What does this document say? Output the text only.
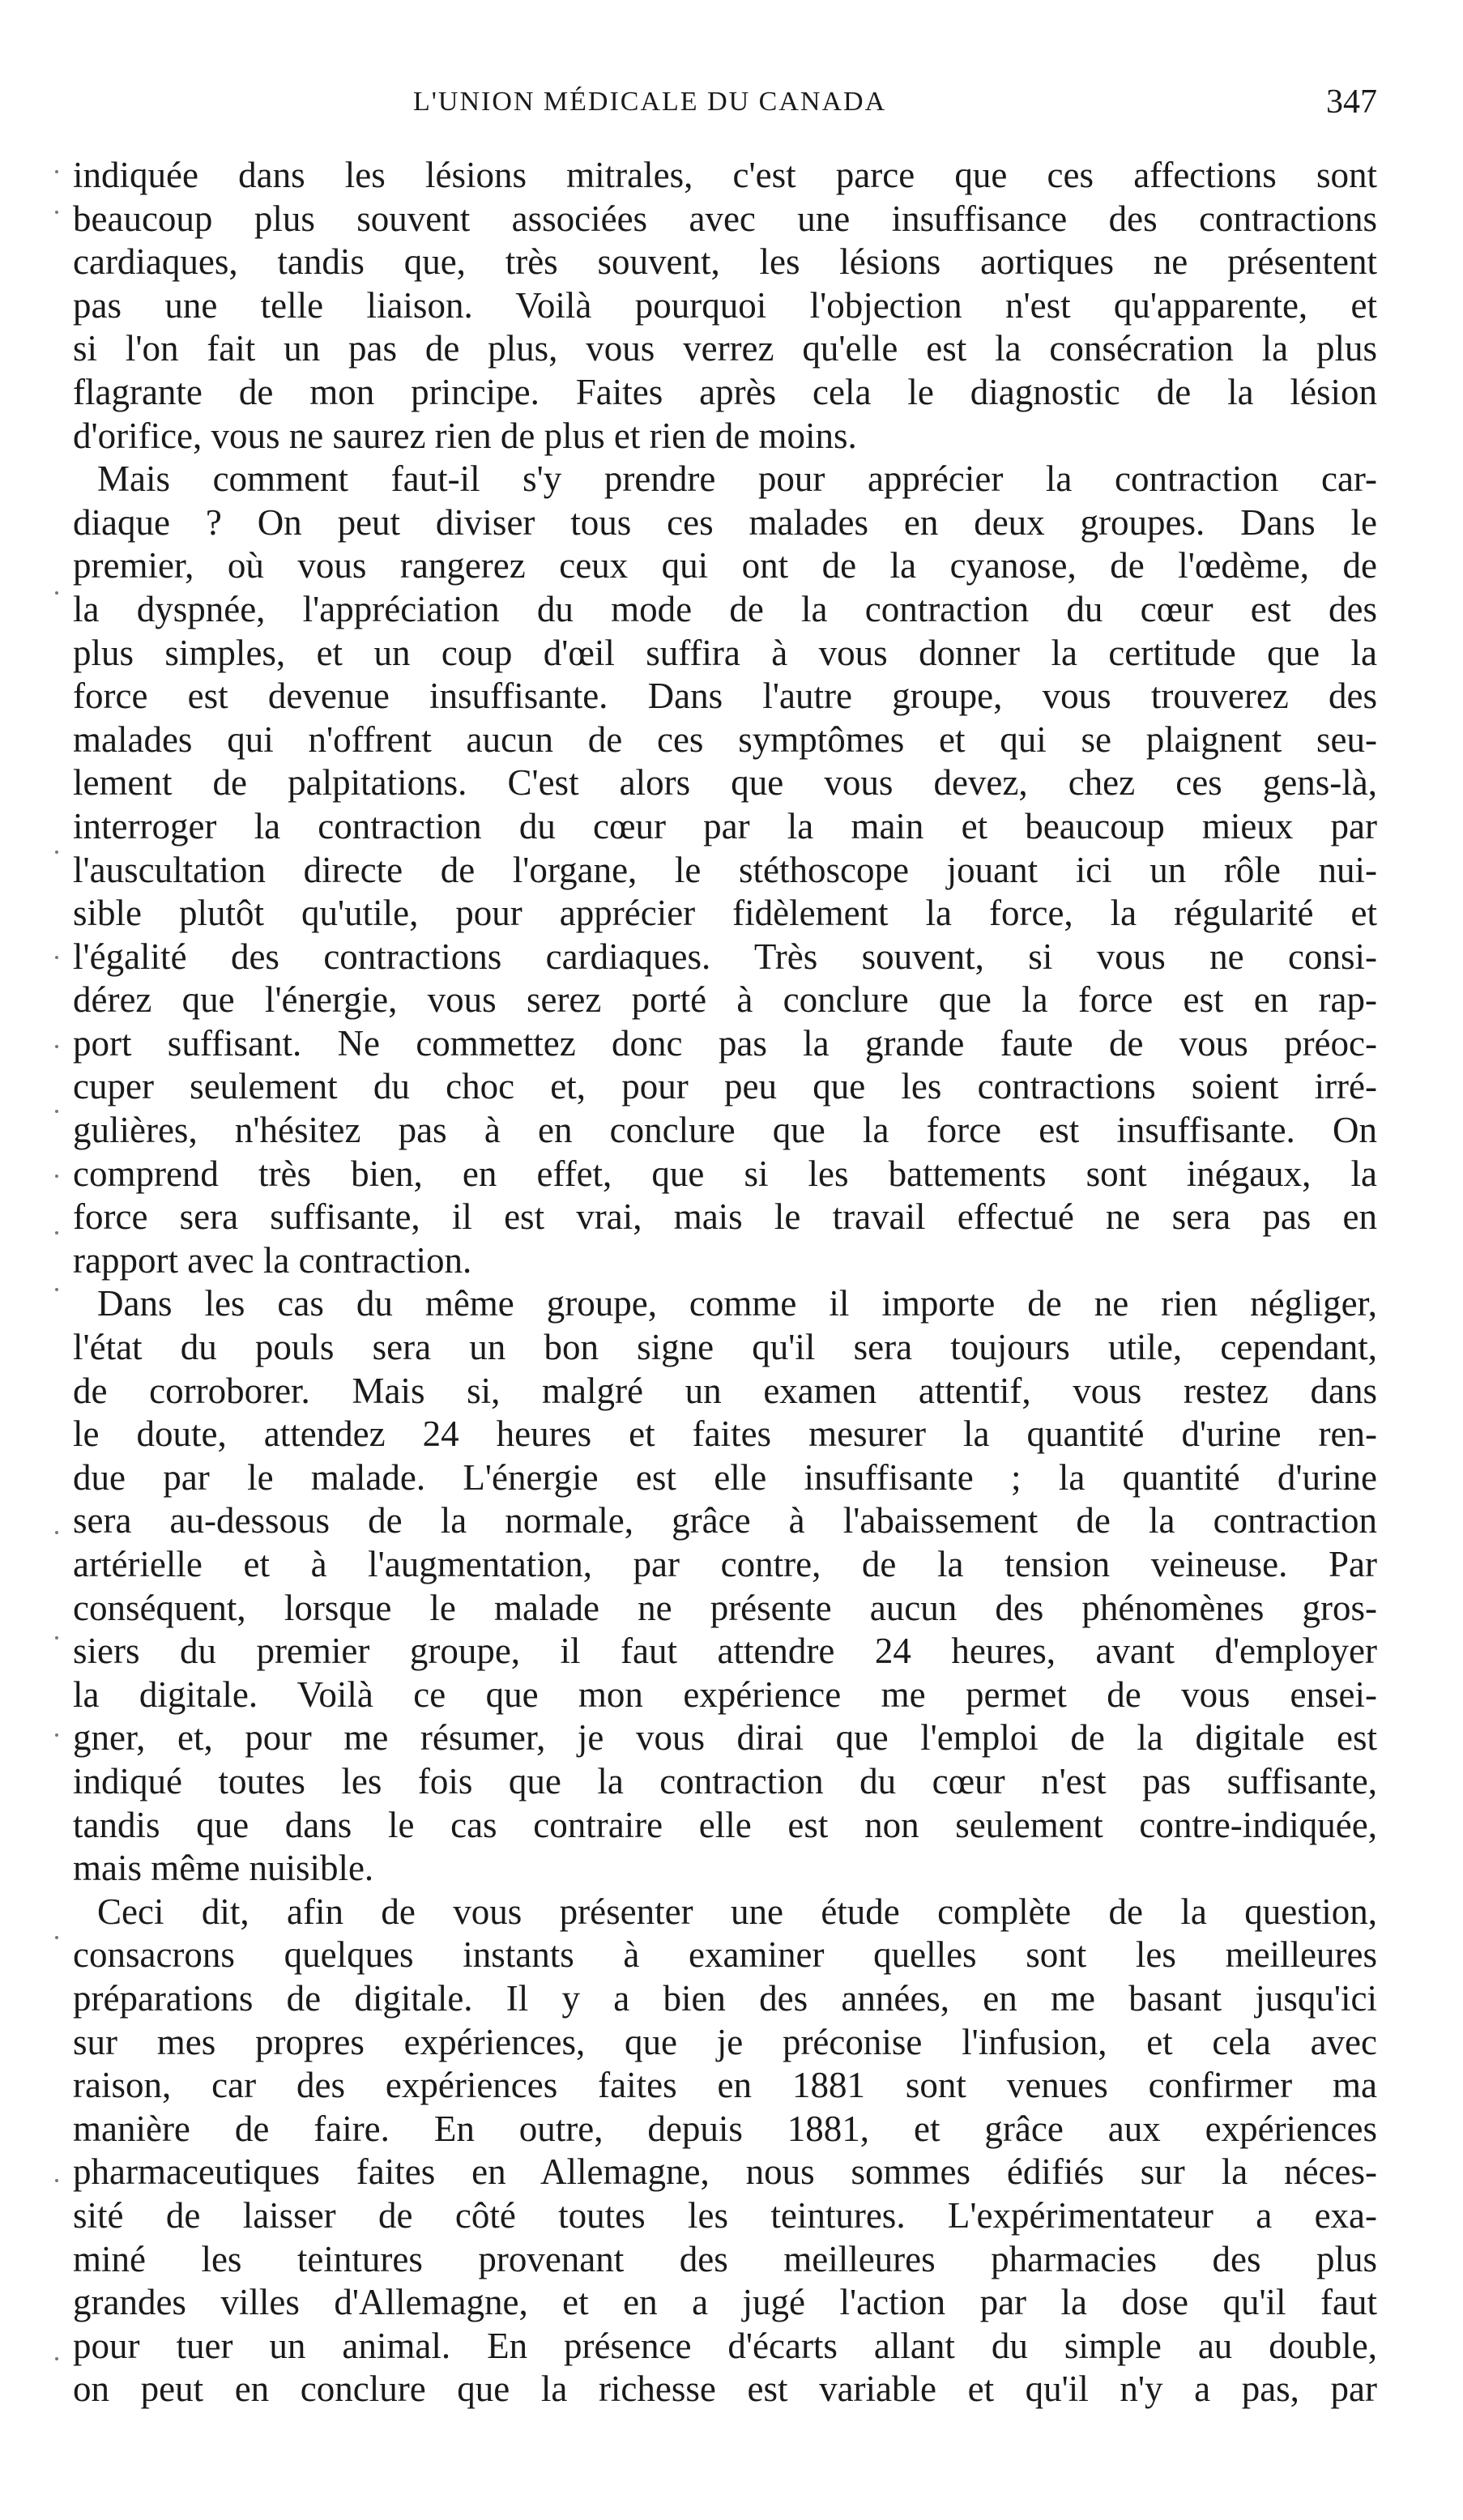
L'UNION MÉDICALE DU CANADA	347
indiquée dans les lésions mitrales, c'est parce que ces affections sont
beaucoup plus souvent associées avec une insuffisance des contractions
cardiaques, tandis que, très souvent, les lésions aortiques ne présentent
pas une telle liaison. Voilà pourquoi l'objection n'est qu'apparente, et
si l'on fait un pas de plus, vous verrez qu'elle est la consécration la plus
flagrante de mon principe. Faites après cela le diagnostic de la lésion
d'orifice, vous ne saurez rien de plus et rien de moins.
Mais comment faut-il s'y prendre pour apprécier la contraction car-
diaque ? On peut diviser tous ces malades en deux groupes. Dans le
premier, où vous rangerez ceux qui ont de la cyanose, de l'œdème, de
la dyspnée, l'appréciation du mode de la contraction du cœur est des
plus simples, et un coup d'œil suffira à vous donner la certitude que la
force est devenue insuffisante. Dans l'autre groupe, vous trouverez des
malades qui n'offrent aucun de ces symptômes et qui se plaignent seu-
lement de palpitations. C'est alors que vous devez, chez ces gens-là,
interroger la contraction du cœur par la main et beaucoup mieux par
l'auscultation directe de l'organe, le stéthoscope jouant ici un rôle nui-
sible plutôt qu'utile, pour apprécier fidèlement la force, la régularité et
l'égalité des contractions cardiaques. Très souvent, si vous ne consi-
dérez que l'énergie, vous serez porté à conclure que la force est en rap-
port suffisant. Ne commettez donc pas la grande faute de vous préoc-
cuper seulement du choc et, pour peu que les contractions soient irré-
gulières, n'hésitez pas à en conclure que la force est insuffisante. On
comprend très bien, en effet, que si les battements sont inégaux, la
force sera suffisante, il est vrai, mais le travail effectué ne sera pas en
rapport avec la contraction.
Dans les cas du même groupe, comme il importe de ne rien négliger,
l'état du pouls sera un bon signe qu'il sera toujours utile, cependant,
de corroborer. Mais si, malgré un examen attentif, vous restez dans
le doute, attendez 24 heures et faites mesurer la quantité d'urine ren-
due par le malade. L'énergie est elle insuffisante ; la quantité d'urine
sera au-dessous de la normale, grâce à l'abaissement de la contraction
artérielle et à l'augmentation, par contre, de la tension veineuse. Par
conséquent, lorsque le malade ne présente aucun des phénomènes gros-
siers du premier groupe, il faut attendre 24 heures, avant d'employer
la digitale. Voilà ce que mon expérience me permet de vous ensei-
gner, et, pour me résumer, je vous dirai que l'emploi de la digitale est
indiqué toutes les fois que la contraction du cœur n'est pas suffisante,
tandis que dans le cas contraire elle est non seulement contre-indiquée,
mais même nuisible.
Ceci dit, afin de vous présenter une étude complète de la question,
consacrons quelques instants à examiner quelles sont les meilleures
préparations de digitale. Il y a bien des années, en me basant jusqu'ici
sur mes propres expériences, que je préconise l'infusion, et cela avec
raison, car des expériences faites en 1881 sont venues confirmer ma
manière de faire. En outre, depuis 1881, et grâce aux expériences
pharmaceutiques faites en Allemagne, nous sommes édifiés sur la néces-
sité de laisser de côté toutes les teintures. L'expérimentateur a exa-
miné les teintures provenant des meilleures pharmacies des plus
grandes villes d'Allemagne, et en a jugé l'action par la dose qu'il faut
pour tuer un animal. En présence d'écarts allant du simple au double,
on peut en conclure que la richesse est variable et qu'il n'y a pas, par
